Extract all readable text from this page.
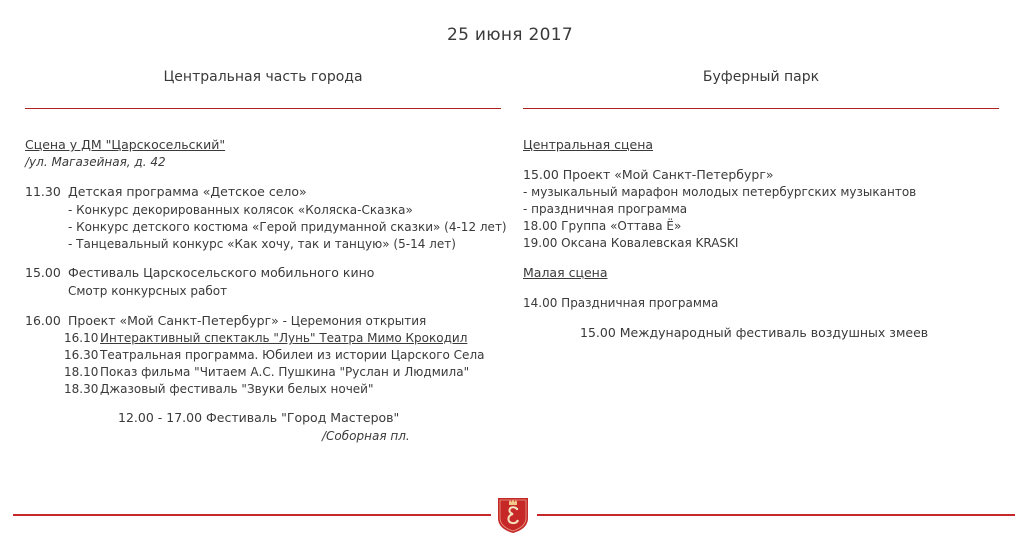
25 июня 2017
Центральная часть города
Сцена у ДМ "Царскосельский"
/ул. Магазейная, д. 42
11.30 Детская программа «Детское село»
- Конкурс декорированных колясок «Коляска-Сказка»
- Конкурс детского костюма «Герой придуманной сказки» (4-12 лет)
- Танцевальный конкурс «Как хочу, так и танцую» (5-14 лет)
15.00 Фестиваль Царскосельского мобильного кино
Смотр конкурсных работ
16.00 Проект «Мой Санкт-Петербург» - Церемония открытия
16.10 Интерактивный спектакль "Лунь" Театра Мимо Крокодил
16.30 Театральная программа. Юбилеи из истории Царского Села
18.10 Показ фильма "Читаем А.С. Пушкина "Руслан и Людмила"
18.30 Джазовый фестиваль "Звуки белых ночей"
12.00 - 17.00 Фестиваль "Город Мастеров"
/Соборная пл.
Буферный парк
Центральная сцена
15.00 Проект «Мой Санкт-Петербург»
- музыкальный марафон молодых петербургских музыкантов
- праздничная программа
18.00 Группа «Оттава Ё»
19.00 Оксана Ковалевская KRASKI
Малая сцена
14.00 Праздничная программа
15.00 Международный фестиваль воздушных змеев
